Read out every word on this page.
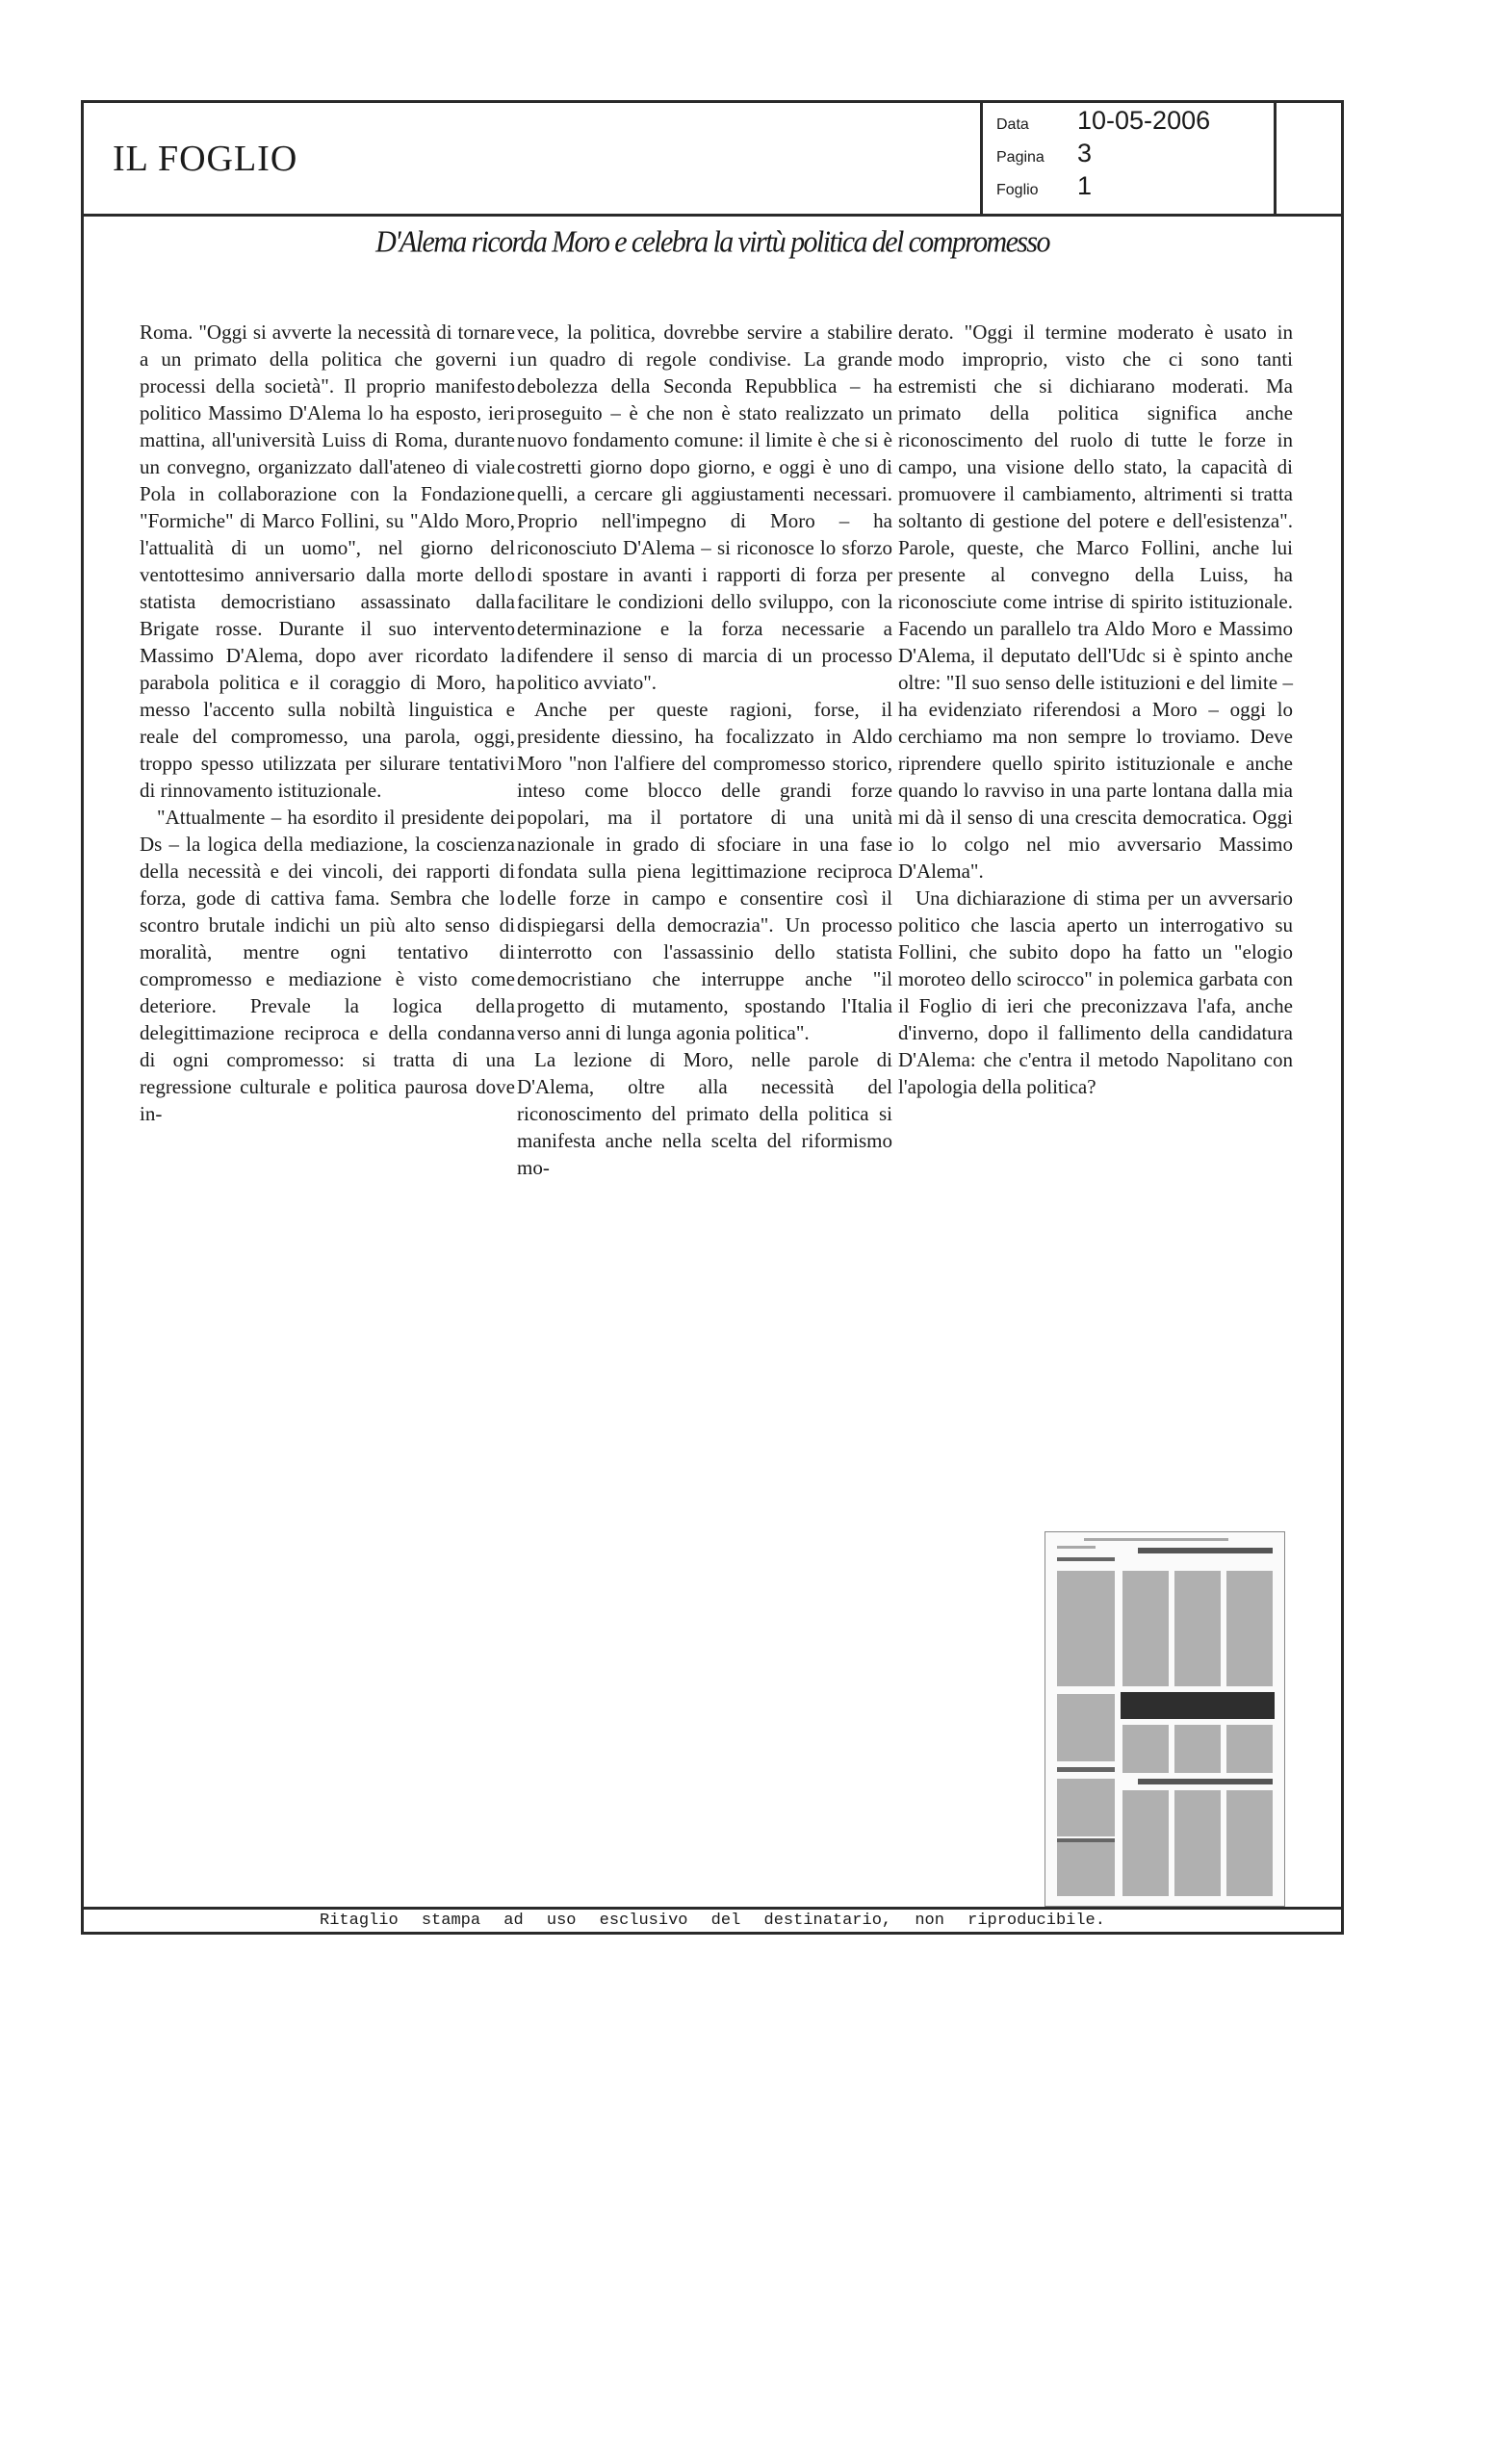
IL FOGLIO
Data 10-05-2006
Pagina 3
Foglio 1
D'Alema ricorda Moro e celebra la virtù politica del compromesso

Roma. "Oggi si avverte la necessità di tornare a un primato della politica che governi i processi della società". Il proprio manifesto politico Massimo D'Alema lo ha esposto, ieri mattina, all'università Luiss di Roma, durante un convegno, organizzato dall'ateneo di viale Pola in collaborazione con la Fondazione "Formiche" di Marco Follini, su "Aldo Moro, l'attualità di un uomo", nel giorno del ventottesimo anniversario dalla morte dello statista democristiano assassinato dalla Brigate rosse. Durante il suo intervento Massimo D'Alema, dopo aver ricordato la parabola politica e il coraggio di Moro, ha messo l'accento sulla nobiltà linguistica e reale del compromesso, una parola, oggi, troppo spesso utilizzata per silurare tentativi di rinnovamento istituzionale.

"Attualmente – ha esordito il presidente dei Ds – la logica della mediazione, la coscienza della necessità e dei vincoli, dei rapporti di forza, gode di cattiva fama. Sembra che lo scontro brutale indichi un più alto senso di moralità, mentre ogni tentativo di compromesso e mediazione è visto come deteriore. Prevale la logica della delegittimazione reciproca e della condanna di ogni compromesso: si tratta di una regressione culturale e politica paurosa dove in-

vece, la politica, dovrebbe servire a stabilire un quadro di regole condivise. La grande debolezza della Seconda Repubblica – ha proseguito – è che non è stato realizzato un nuovo fondamento comune: il limite è che si è costretti giorno dopo giorno, e oggi è uno di quelli, a cercare gli aggiustamenti necessari. Proprio nell'impegno di Moro – ha riconosciuto D'Alema – si riconosce lo sforzo di spostare in avanti i rapporti di forza per facilitare le condizioni dello sviluppo, con la determinazione e la forza necessarie a difendere il senso di marcia di un processo politico avviato".

Anche per queste ragioni, forse, il presidente diessino, ha focalizzato in Aldo Moro "non l'alfiere del compromesso storico, inteso come blocco delle grandi forze popolari, ma il portatore di una unità nazionale in grado di sfociare in una fase fondata sulla piena legittimazione reciproca delle forze in campo e consentire così il dispiegarsi della democrazia". Un processo interrotto con l'assassinio dello statista democristiano che interruppe anche "il progetto di mutamento, spostando l'Italia verso anni di lunga agonia politica".

La lezione di Moro, nelle parole di D'Alema, oltre alla necessità del riconoscimento del primato della politica si manifesta anche nella scelta del riformismo mo-

derato. "Oggi il termine moderato è usato in modo improprio, visto che ci sono tanti estremisti che si dichiarano moderati. Ma primato della politica significa anche riconoscimento del ruolo di tutte le forze in campo, una visione dello stato, la capacità di promuovere il cambiamento, altrimenti si tratta soltanto di gestione del potere e dell'esistenza". Parole, queste, che Marco Follini, anche lui presente al convegno della Luiss, ha riconosciute come intrise di spirito istituzionale. Facendo un parallelo tra Aldo Moro e Massimo D'Alema, il deputato dell'Udc si è spinto anche oltre: "Il suo senso delle istituzioni e del limite – ha evidenziato riferendosi a Moro – oggi lo cerchiamo ma non sempre lo troviamo. Deve riprendere quello spirito istituzionale e anche quando lo ravviso in una parte lontana dalla mia mi dà il senso di una crescita democratica. Oggi io lo colgo nel mio avversario Massimo D'Alema".

Una dichiarazione di stima per un avversario politico che lascia aperto un interrogativo su Follini, che subito dopo ha fatto un "elogio moroteo dello scirocco" in polemica garbata con il Foglio di ieri che preconizzava l'afa, anche d'inverno, dopo il fallimento della candidatura D'Alema: che c'entra il metodo Napolitano con l'apologia della politica?

Ritaglio stampa ad uso esclusivo del destinatario, non riproducibile.
